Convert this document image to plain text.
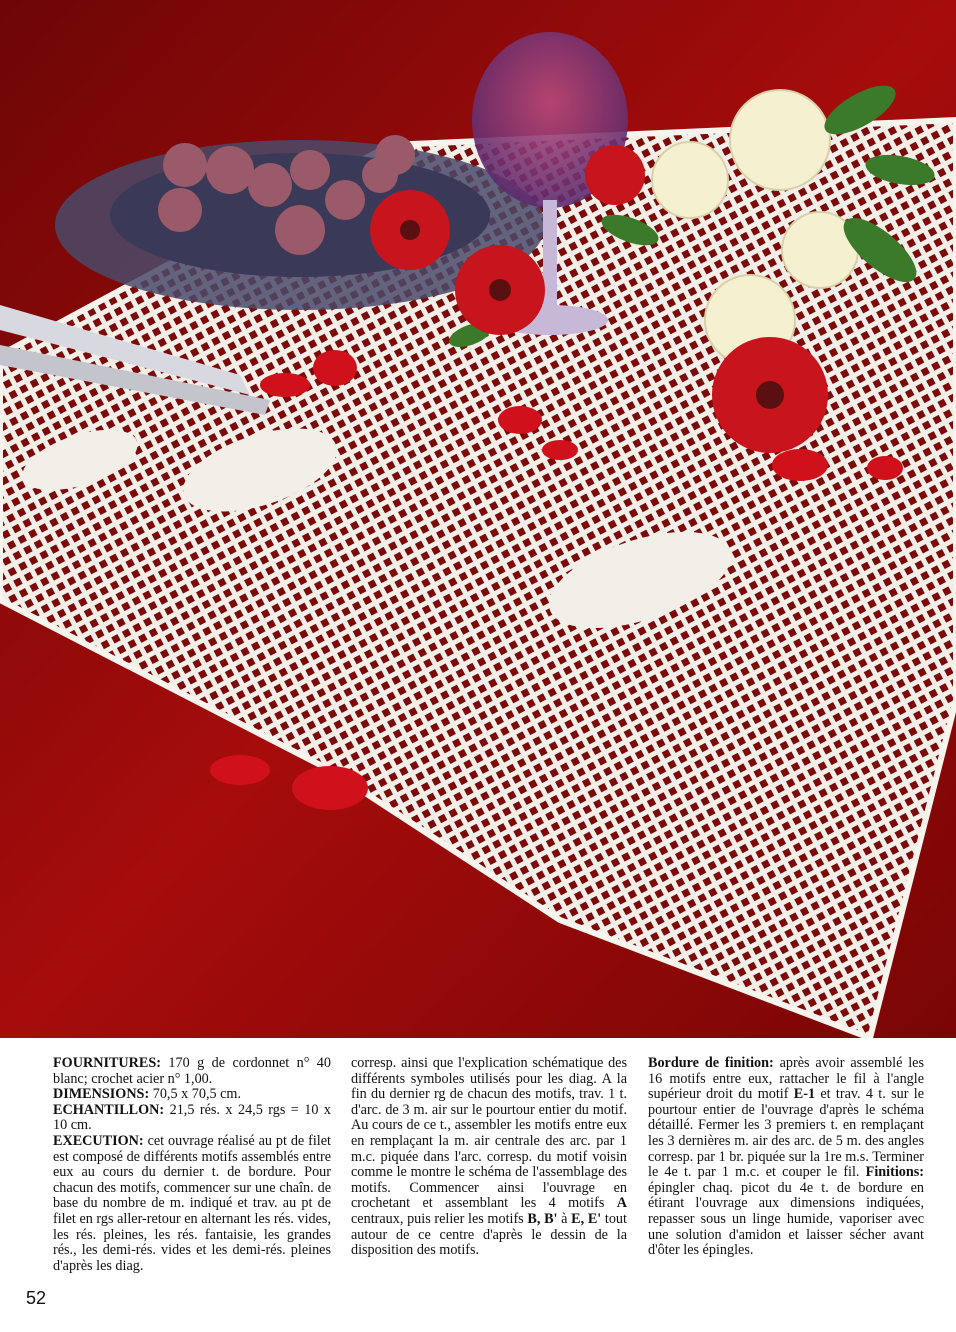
FOURNITURES: 170 g de cordonnet n° 40 blanc; crochet acier n° 1,00.
DIMENSIONS: 70,5 x 70,5 cm.
ECHANTILLON: 21,5 rés. x 24,5 rgs = 10 x 10 cm.
EXECUTION: cet ouvrage réalisé au pt de filet est composé de différents motifs assemblés entre eux au cours du dernier t. de bordure. Pour chacun des motifs, commencer sur une chaîn. de base du nombre de m. indiqué et trav. au pt de filet en rgs aller-retour en alternant les rés. vides, les rés. pleines, les rés. fantaisie, les grandes rés., les demi-rés. vides et les demi-rés. pleines d'après les diag.

corresp. ainsi que l'explication schématique des différents symboles utilisés pour les diag. A la fin du dernier rg de chacun des motifs, trav. 1 t. d'arc. de 3 m. air sur le pourtour entier du motif. Au cours de ce t., assembler les motifs entre eux en remplaçant la m. air centrale des arc. par 1 m.c. piquée dans l'arc. corresp. du motif voisin comme le montre le schéma de l'assemblage des motifs. Commencer ainsi l'ouvrage en crochetant et assemblant les 4 motifs A centraux, puis relier les motifs B, B' à E, E' tout autour de ce centre d'après le dessin de la disposition des motifs.

Bordure de finition: après avoir assemblé les 16 motifs entre eux, rattacher le fil à l'angle supérieur droit du motif E-1 et trav. 4 t. sur le pourtour entier de l'ouvrage d'après le schéma détaillé. Fermer les 3 premiers t. en remplaçant les 3 dernières m. air des arc. de 5 m. des angles corresp. par 1 br. piquée sur la 1re m.s. Terminer le 4e t. par 1 m.c. et couper le fil. Finitions: épingler chaq. picot du 4e t. de bordure en étirant l'ouvrage aux dimensions indiquées, repasser sous un linge humide, vaporiser avec une solution d'amidon et laisser sécher avant d'ôter les épingles.

52
